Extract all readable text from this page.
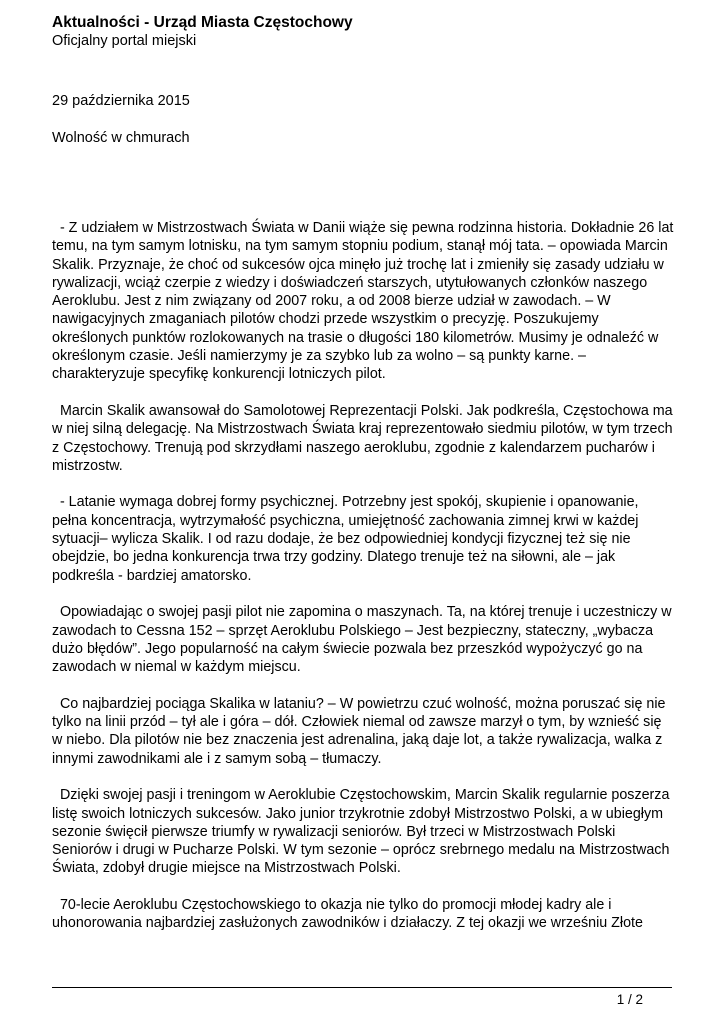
Aktualności - Urząd Miasta Częstochowy
Oficjalny portal miejski
29 października 2015
Wolność w chmurach

- Z udziałem w Mistrzostwach Świata w Danii wiąże się pewna rodzinna historia. Dokładnie 26 lat temu, na tym samym lotnisku, na tym samym stopniu podium, stanął mój tata. – opowiada Marcin Skalik. Przyznaje, że choć od sukcesów ojca minęło już trochę lat i zmieniły się zasady udziału w rywalizacji, wciąż czerpie z wiedzy i doświadczeń starszych, utytułowanych członków naszego Aeroklubu. Jest z nim związany od 2007 roku, a od 2008 bierze udział w zawodach. – W nawigacyjnych zmaganiach pilotów chodzi przede wszystkim o precyzję. Poszukujemy określonych punktów rozlokowanych na trasie o długości 180 kilometrów. Musimy je odnaleźć w określonym czasie. Jeśli namierzymy je za szybko lub za wolno – są punkty karne. – charakteryzuje specyfikę konkurencji lotniczych pilot.

Marcin Skalik awansował do Samolotowej Reprezentacji Polski. Jak podkreśla, Częstochowa ma w niej silną delegację. Na Mistrzostwach Świata kraj reprezentowało siedmiu pilotów, w tym trzech z Częstochowy. Trenują pod skrzydłami naszego aeroklubu, zgodnie z kalendarzem pucharów i mistrzostw.

- Latanie wymaga dobrej formy psychicznej. Potrzebny jest spokój, skupienie i opanowanie, pełna koncentracja, wytrzymałość psychiczna, umiejętność zachowania zimnej krwi w każdej sytuacji– wylicza Skalik. I od razu dodaje, że bez odpowiedniej kondycji fizycznej też się nie obejdzie, bo jedna konkurencja trwa trzy godziny. Dlatego trenuje też na siłowni, ale – jak podkreśla - bardziej amatorsko.

Opowiadając o swojej pasji pilot nie zapomina o maszynach. Ta, na której trenuje i uczestniczy w zawodach to Cessna 152 – sprzęt Aeroklubu Polskiego – Jest bezpieczny, stateczny, „wybacza dużo błędów”. Jego popularność na całym świecie pozwala bez przeszkód wypożyczyć go na zawodach w niemal w każdym miejscu.

Co najbardziej pociąga Skalika w lataniu? – W powietrzu czuć wolność, można poruszać się nie tylko na linii przód – tył ale i góra – dół. Człowiek niemal od zawsze marzył o tym, by wznieść się w niebo. Dla pilotów nie bez znaczenia jest adrenalina, jaką daje lot, a także rywalizacja, walka z innymi zawodnikami ale i z samym sobą – tłumaczy.

Dzięki swojej pasji i treningom w Aeroklubie Częstochowskim, Marcin Skalik regularnie poszerza listę swoich lotniczych sukcesów. Jako junior trzykrotnie zdobył Mistrzostwo Polski, a w ubiegłym sezonie święcił pierwsze triumfy w rywalizacji seniorów. Był trzeci w Mistrzostwach Polski Seniorów i drugi w Pucharze Polski. W tym sezonie – oprócz srebrnego medalu na Mistrzostwach Świata, zdobył drugie miejsce na Mistrzostwach Polski.

70-lecie Aeroklubu Częstochowskiego to okazja nie tylko do promocji młodej kadry ale i uhonorowania najbardziej zasłużonych zawodników i działaczy. Z tej okazji we wrześniu Złote

1 / 2
